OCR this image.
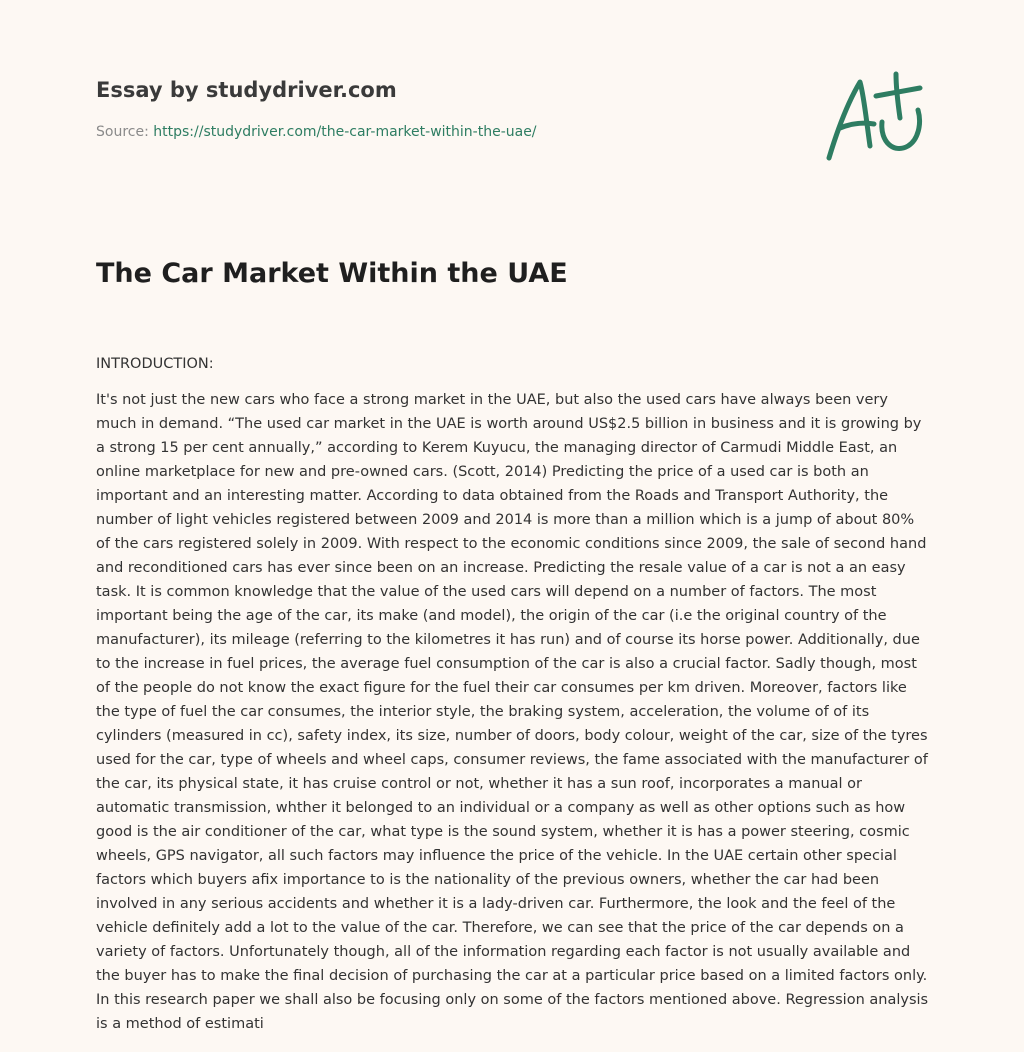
Essay by studydriver.com
Source: https://studydriver.com/the-car-market-within-the-uae/
The Car Market Within the UAE

INTRODUCTION:

It's not just the new cars who face a strong market in the UAE, but also the used cars have always been very much in demand. “The used car market in the UAE is worth around US$2.5 billion in business and it is growing by a strong 15 per cent annually,” according to Kerem Kuyucu, the managing director of Carmudi Middle East, an online marketplace for new and pre-owned cars. (Scott, 2014) Predicting the price of a used car is both an important and an interesting matter. According to data obtained from the Roads and Transport Authority, the number of light vehicles registered between 2009 and 2014 is more than a million which is a jump of about 80% of the cars registered solely in 2009. With respect to the economic conditions since 2009, the sale of second hand and reconditioned cars has ever since been on an increase. Predicting the resale value of a car is not a an easy task. It is common knowledge that the value of the used cars will depend on a number of factors. The most important being the age of the car, its make (and model), the origin of the car (i.e the original country of the manufacturer), its mileage (referring to the kilometres it has run) and of course its horse power. Additionally, due to the increase in fuel prices, the average fuel consumption of the car is also a crucial factor. Sadly though, most of the people do not know the exact figure for the fuel their car consumes per km driven. Moreover, factors like the type of fuel the car consumes, the interior style, the braking system, acceleration, the volume of of its cylinders (measured in cc), safety index, its size, number of doors, body colour, weight of the car, size of the tyres used for the car, type of wheels and wheel caps, consumer reviews, the fame associated with the manufacturer of the car, its physical state, it has cruise control or not, whether it has a sun roof, incorporates a manual or automatic transmission, whther it belonged to an individual or a company as well as other options such as how good is the air conditioner of the car, what type is the sound system, whether it is has a power steering, cosmic wheels, GPS navigator, all such factors may influence the price of the vehicle. In the UAE certain other special factors which buyers afix importance to is the nationality of the previous owners, whether the car had been involved in any serious accidents and whether it is a lady-driven car. Furthermore, the look and the feel of the vehicle definitely add a lot to the value of the car. Therefore, we can see that the price of the car depends on a variety of factors. Unfortunately though, all of the information regarding each factor is not usually available and the buyer has to make the final decision of purchasing the car at a particular price based on a limited factors only. In this research paper we shall also be focusing only on some of the factors mentioned above. Regression analysis is a method of estimati
